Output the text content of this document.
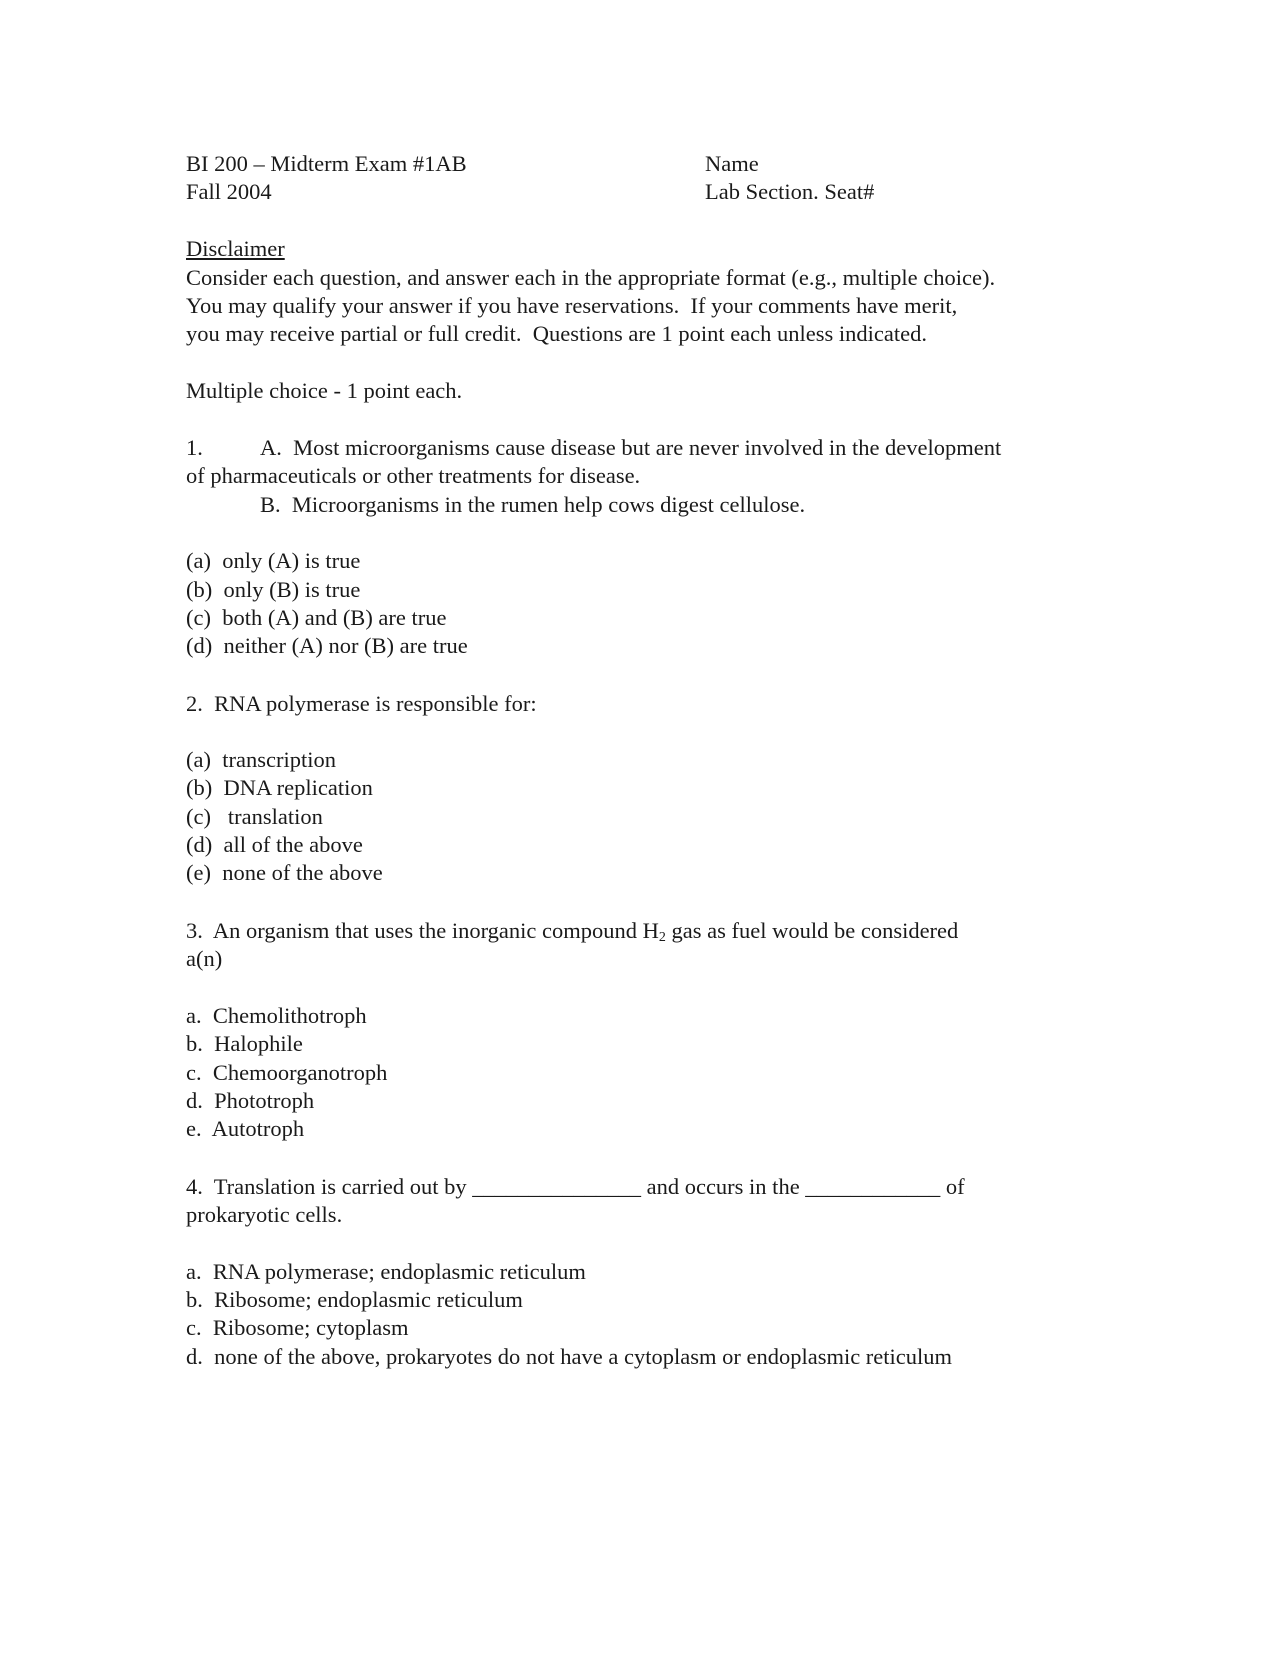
BI 200 – Midterm Exam #1AB
Fall 2004
Name
Lab Section. Seat#
Disclaimer
Consider each question, and answer each in the appropriate format (e.g., multiple choice).
You may qualify your answer if you have reservations.  If your comments have merit,
you may receive partial or full credit.  Questions are 1 point each unless indicated.
Multiple choice - 1 point each.
1.	A.  Most microorganisms cause disease but are never involved in the development
of pharmaceuticals or other treatments for disease.
B.  Microorganisms in the rumen help cows digest cellulose.
(a)  only (A) is true
(b)  only (B) is true
(c)  both (A) and (B) are true
(d)  neither (A) nor (B) are true
2.  RNA polymerase is responsible for:
(a)  transcription
(b)  DNA replication
(c)   translation
(d)  all of the above
(e)  none of the above
3.  An organism that uses the inorganic compound $H_2$ gas as fuel would be considered
a(n)
a.  Chemolithotroph
b.  Halophile
c.  Chemoorganotroph
d.  Phototroph
e.  Autotroph
4.  Translation is carried out by _______________ and occurs in the ____________ of
prokaryotic cells.
a.  RNA polymerase; endoplasmic reticulum
b.  Ribosome; endoplasmic reticulum
c.  Ribosome; cytoplasm
d.  none of the above, prokaryotes do not have a cytoplasm or endoplasmic reticulum
